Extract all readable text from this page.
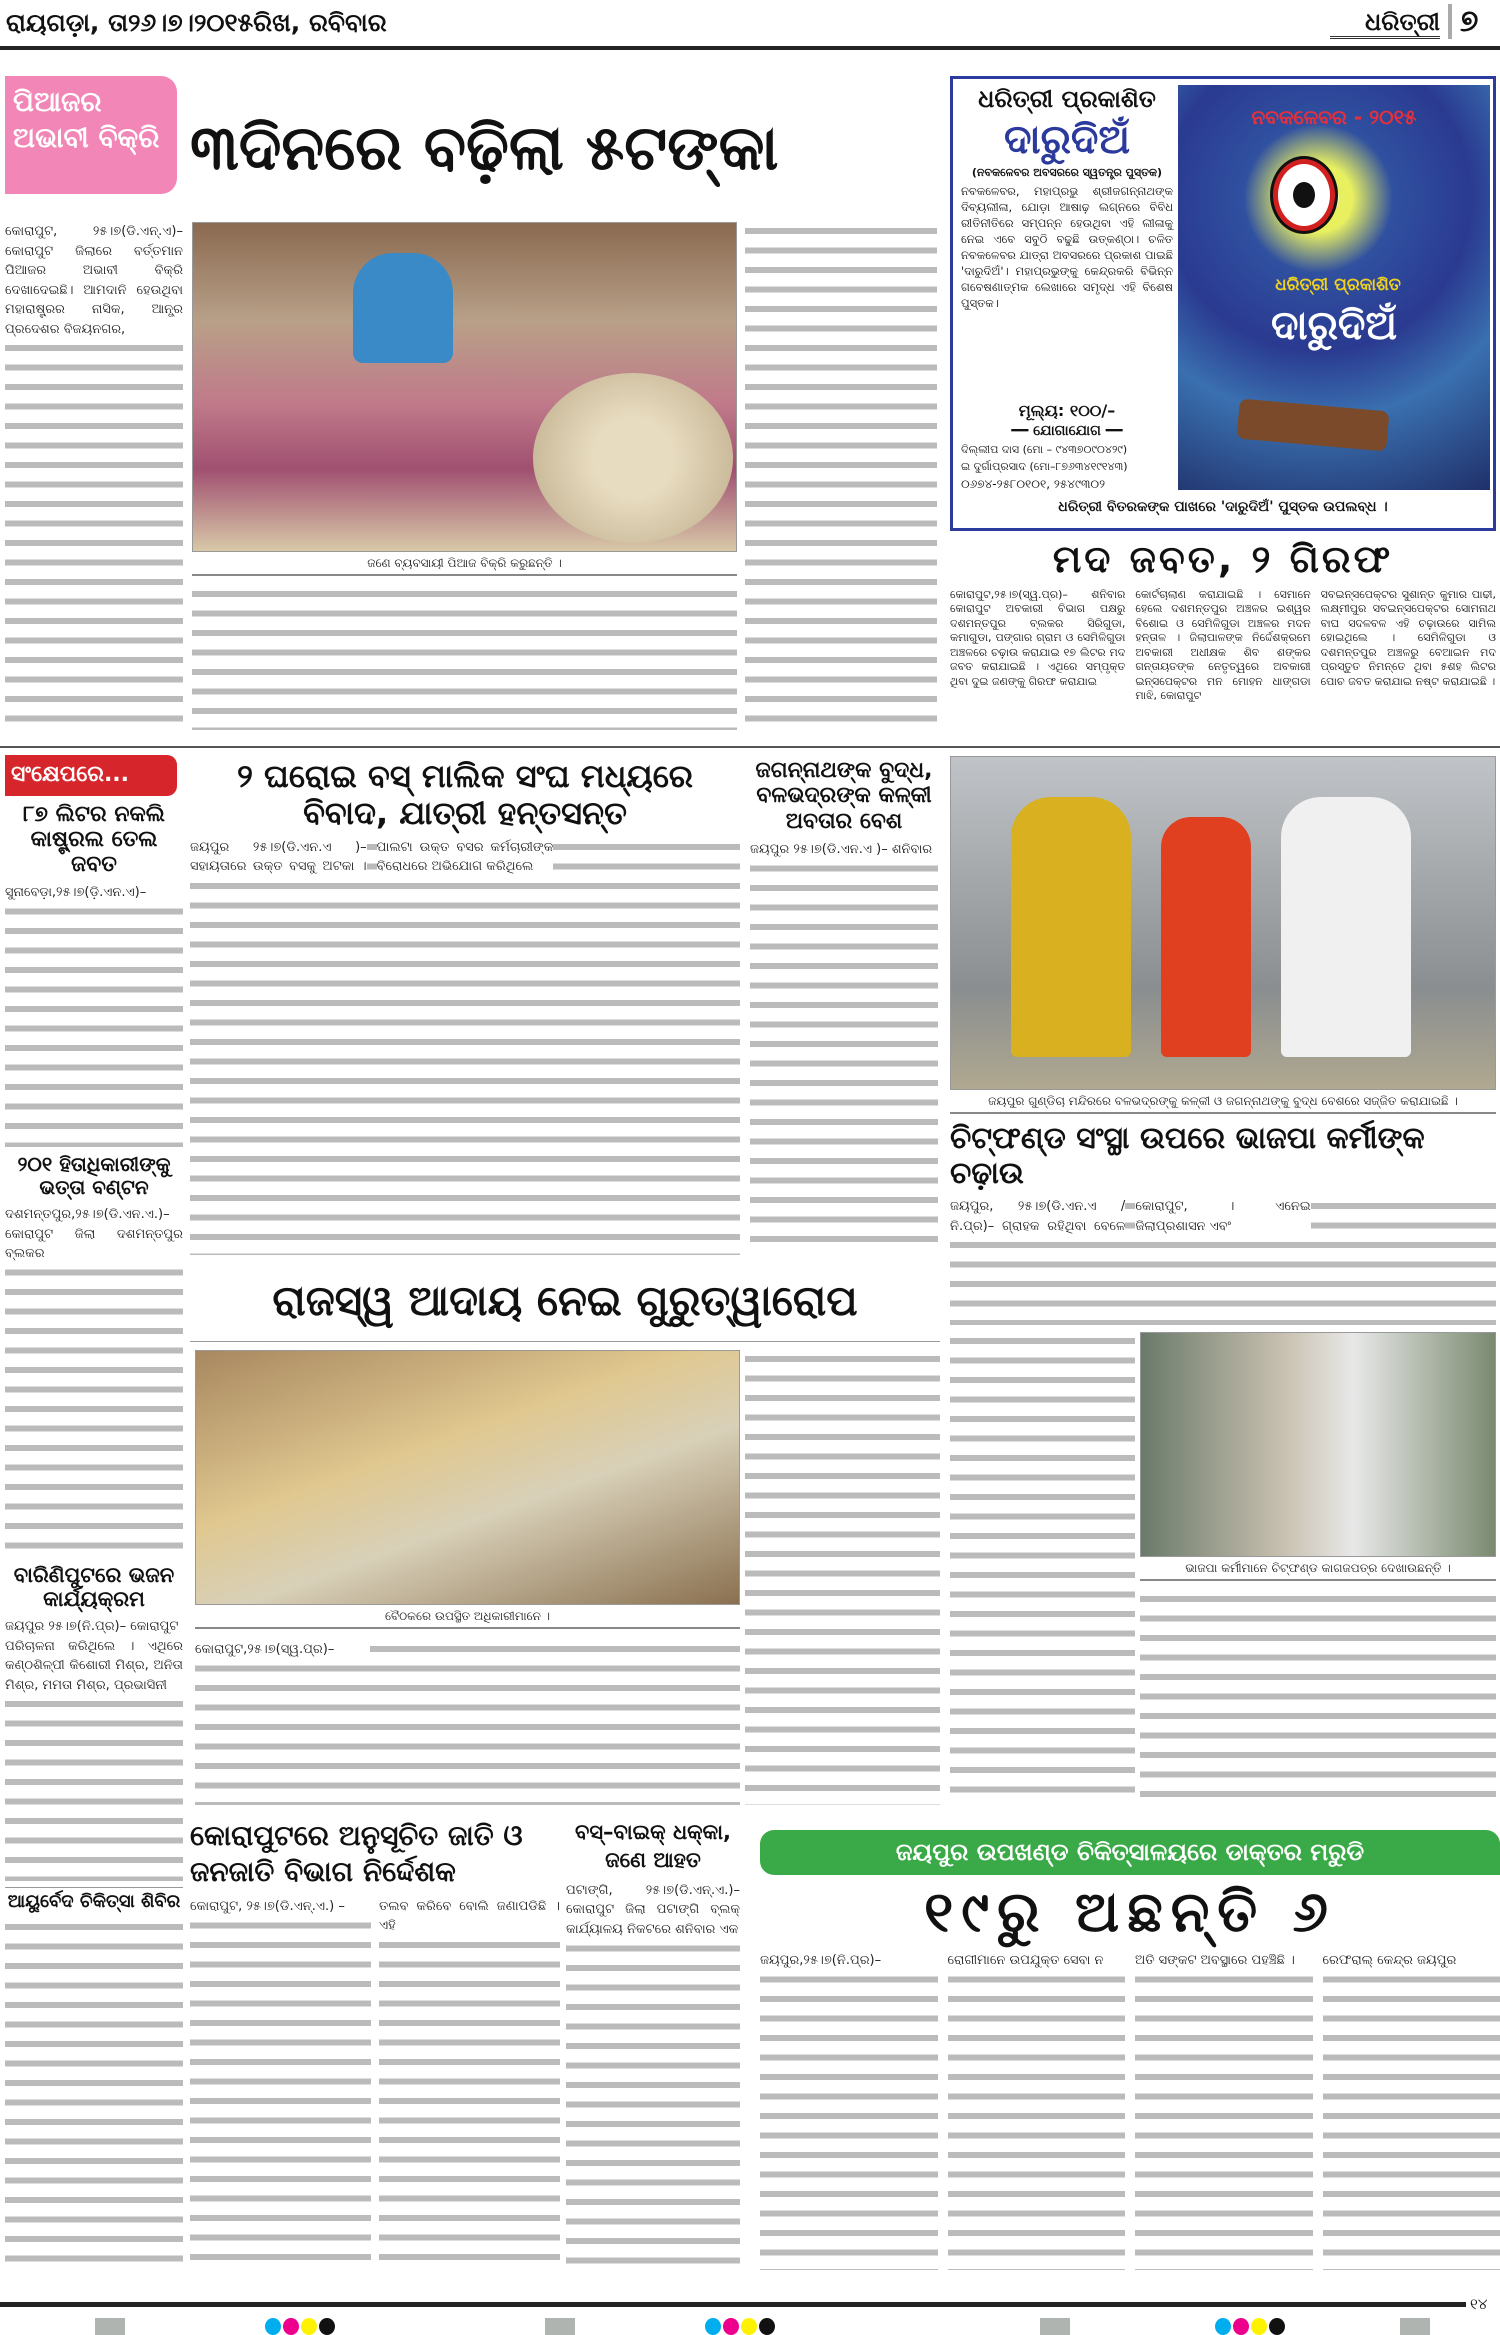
ରାୟଗଡ଼ା, ତା୨୬।୭।୨୦୧୫ରିଖ, ରବିବାର	ଧରିତ୍ରୀ ୭
ପିଆଜର ଅଭାବୀ ବିକ୍ରି ୩ଦିନରେ ବଢ଼ିଲା ୫ଟଙ୍କା
କୋରାପୁଟ, ୨୫।୭(ଡି.ଏନ୍.ଏ)–କୋରାପୁଟ ଜିଲାରେ ବର୍ତ୍ତମାନ ପିଆଜର ଅଭାବୀ ବିକ୍ରି ଦେଖାଦେଇଛି। ଆମଦାନି ହେଉଥିବା ମହାରାଷ୍ଟ୍ରର ନାସିକ, ଆନ୍ଧ୍ର ପ୍ରଦେଶର ବିଜୟନଗର,
ଜଣେ ବ୍ୟବସାୟୀ ପିଆଜ ବିକ୍ରି କରୁଛନ୍ତି ।
ଧରିତ୍ରୀ ପ୍ରକାଶିତ
ଦାରୁଦିଅଁ
(ନବକଳେବର ଅବସରରେ ସ୍ୱତନ୍ତ୍ର ପୁସ୍ତକ)
ନବକଳେବର, ମହାପ୍ରଭୁ ଶ୍ରୀଜଗନ୍ନାଥଙ୍କ ଦିବ୍ୟଲୀଳା, ଯୋଡ଼ା ଆଷାଢ଼ ଲଗ୍ନରେ ବିବିଧ ରୀତିନୀତିରେ ସମ୍ପନ୍ନ ହେଉଥିବା ଏହି ଲୀଳାକୁ ନେଇ ଏବେ ସବୁଠି ବଢୁଛି ଉତ୍କଣ୍ଠା। ଚଳିତ ନବକଳେବର ଯାତ୍ରା ଅବସରରେ ପ୍ରକାଶ ପାଇଛି 'ଦାରୁଦିଅଁ'। ମହାପ୍ରଭୁଙ୍କୁ କେନ୍ଦ୍ରକରି ବିଭିନ୍ନ ଗବେଷଣାତ୍ମକ ଲେଖାରେ ସମୃଦ୍ଧ ଏହି ବିଶେଷ ପୁସ୍ତକ।
ମୂଲ୍ୟ: ୧୦୦/–
━━ ଯୋଗାଯୋଗ ━━
ଦିଲ୍ଲୀପ ଦାସ (ମୋ – ୯୪୩୭୦୯୦୪୨୯)
ଇ ଦୁର୍ଗାପ୍ରସାଦ (ମୋ–୮୭୬୩୪୧୯୧୪୩)
୦୬୭୪-୨୫୮୦୧୦୧, ୨୫୪୯୩୦୨
ନବକଳେବର - ୨୦୧୫
ଧରିତ୍ରୀ ପ୍ରକାଶିତ
ଦାରୁଦିଅଁ
ଧରିତ୍ରୀ ବିତରକଙ୍କ ପାଖରେ 'ଦାରୁଦିଅଁ' ପୁସ୍ତକ ଉପଲବ୍ଧ ।
ମଦ ଜବତ, ୨ ଗିରଫ
କୋରାପୁଟ,୨୫।୭(ସ୍ୱ.ପ୍ର)– ଶନିବାର କୋରାପୁଟ ଅବକାରୀ ବିଭାଗ ପକ୍ଷରୁ ଦଶମନ୍ତପୁର ବ୍ଲକର ସିରିଗୁଡା, କମାଗୁଡା, ପଙ୍ଗାର ଗ୍ରାମ ଓ ସେମିଳିଗୁଡା ଅଞ୍ଚଳରେ ଚଢ଼ାଉ କରାଯାଇ ୧୭ ଲିଟର ମଦ ଜବତ କରାଯାଇଛି । ଏଥିରେ ସମ୍ପୃକ୍ତ ଥିବା ଦୁଇ ଜଣଙ୍କୁ ଗିରଫ କରାଯାଇ
କୋର୍ଟଚାଲାଣ କରାଯାଇଛି । ସେମାନେ ହେଲେ ଦଶମନ୍ତପୁର ଅଞ୍ଚଳର ଇଶ୍ୱର ବିଶୋଇ ଓ ସେମିଳିଗୁଡା ଅଞ୍ଚଳର ମଦନ ହନ୍ତାଳ । ଜିଲାପାଳଙ୍କ ନିର୍ଦ୍ଦେଶକ୍ରମେ ଅବକାରୀ ଅଧୀକ୍ଷକ ଶିବ ଶଙ୍କର ଗନ୍ତାୟତଙ୍କ ନେତୃତ୍ୱରେ ଅବକାରୀ ଇନ୍ସପେକ୍ଟର ମନ ମୋହନ ଧାଙ୍ଗଡା ମାଝି, କୋରାପୁଟ
ସବଇନ୍ସପେକ୍ଟର ସୁଶାନ୍ତ କୁମାର ପାଢୀ, ଲକ୍ଷ୍ମୀପୁର ସବଇନ୍ସପେକ୍ଟର ସୋମନାଥ ବାଘ ସଦଳବଳ ଏହି ଚଢ଼ାଉରେ ସାମିଲ ହୋଇଥିଲେ । ସେମିଳିଗୁଡା ଓ ଦଶମନ୍ତପୁର ଅଞ୍ଚଳରୁ ବେଆଇନ ମଦ ପ୍ରସ୍ତୁତ ନିମନ୍ତେ ଥିବା ୫ଶହ ଲିଟର ପୋଚ ଜବତ କରାଯାଇ ନଷ୍ଟ କରାଯାଇଛି ।
ସଂକ୍ଷେପରେ...
୮୭ ଲିଟର ନକଲି କାଷ୍ଟ୍ରଲ ତେଲ ଜବତ
ସୁନାବେଡ଼ା,୨୫।୭(ଡ଼ି.ଏନ.ଏ)–
୨୦୧ ହିତାଧିକାରୀଙ୍କୁ ଭତ୍ତା ବଣ୍ଟନ
ଦଶମନ୍ତପୁର,୨୫।୭(ଡି.ଏନ.ଏ.)– କୋରାପୁଟ ଜିଲା ଦଶମନ୍ତପୁର ବ୍ଲକର
ବାରିଣିପୁଟରେ ଭଜନ କାର୍ଯ୍ୟକ୍ରମ
ଜୟପୁର ୨୫।୭(ନି.ପ୍ର)– କୋରାପୁଟ
ପରିଚାଳନା କରିଥିଲେ । ଏଥିରେ କଣ୍ଠଶିଳ୍ପୀ କିଶୋରୀ ମିଶ୍ର, ଅନିତା ମିଶ୍ର, ମମତା ମିଶ୍ର, ପ୍ରଭାସିନୀ
ଆୟୁର୍ବେଦ ଚିକିତ୍ସା ଶିବିର
୨ ଘରୋଇ ବସ୍ ମାଲିକ ସଂଘ ମଧ୍ୟରେ ବିବାଦ, ଯାତ୍ରୀ ହନ୍ତସନ୍ତ
ଜୟପୁର ୨୫।୭(ଡି.ଏନ.ଏ )– ସହାୟତାରେ ଉକ୍ତ ବସକୁ ଅଟକା । ପାଲଟା ଉକ୍ତ ବସର କର୍ମଚାରୀଙ୍କ ବିରୋଧରେ ଅଭିଯୋଗ କରିଥିଲେ
ଜଗନ୍ନାଥଙ୍କ ବୁଦ୍ଧ, ବଳଭଦ୍ରଙ୍କ କଳ୍କୀ ଅବତାର ବେଶ
ଜୟପୁର ୨୫।୭(ଡି.ଏନ.ଏ )– ଶନିବାର
ଜୟପୁର ଗୁଣ୍ଡିଚା ମନ୍ଦିରରେ ବଳଭଦ୍ରଙ୍କୁ କଳ୍କୀ ଓ ଜଗନ୍ନାଥଙ୍କୁ ବୁଦ୍ଧ ବେଶରେ ସଜ୍ଜିତ କରାଯାଇଛି ।
ଚିଟ୍‌ଫଣ୍ଡ ସଂସ୍ଥା ଉପରେ ଭାଜପା କର୍ମୀଙ୍କ ଚଢ଼ାଉ
ଜୟପୁର, ୨୫।୭(ଡି.ଏନ.ଏ /ନି.ପ୍ର)– ଗ୍ରାହକ ରହିଥିବା ବେଳେ କୋରାପୁଟ, । ଏନେଇ ଜିଲାପ୍ରଶାସନ ଏବଂ
ଭାଜପା କର୍ମୀମାନେ ଚିଟ୍‌ଫଣ୍ଡ କାଗଜପତ୍ର ଦେଖାଉଛନ୍ତି ।
ରାଜସ୍ୱ ଆଦାୟ ନେଇ ଗୁରୁତ୍ୱାରୋପ
ବୈଠକରେ ଉପସ୍ଥିତ ଅଧିକାରୀମାନେ ।
କୋରାପୁଟ,୨୫।୭(ସ୍ୱ.ପ୍ର)–
କୋରାପୁଟରେ ଅନୁସୂଚିତ ଜାତି ଓ ଜନଜାତି ବିଭାଗ ନିର୍ଦ୍ଦେଶକ
କୋରାପୁଟ, ୨୫।୭(ଡି.ଏନ୍.ଏ.) –	ତଲବ କରିବେ ବୋଲି ଜଣାପଡିଛି । ଏହି
ବସ୍–ବାଇକ୍ ଧକ୍କା, ଜଣେ ଆହତ
ପଟାଙ୍ଗି, ୨୫।୭(ଡି.ଏନ୍.ଏ.)– କୋରାପୁଟ ଜିଲା ପଟାଙ୍ଗି ବ୍ଲକ୍ କାର୍ଯ୍ୟାଳୟ ନିକଟରେ ଶନିବାର ଏକ
ଜୟପୁର ଉପଖଣ୍ଡ ଚିକିତ୍ସାଳୟରେ ଡାକ୍ତର ମରୁଡି
୧୯ରୁ ଅଛନ୍ତି ୬
ଜୟପୁର,୨୫।୭(ନି.ପ୍ର)–	ରୋଗୀମାନେ ଉପଯୁକ୍ତ ସେବା ନ	ଅତି ସଙ୍କଟ ଅବସ୍ଥାରେ ପହଞ୍ଚିଛି ।	ରେଫରାଲ୍ କେନ୍ଦ୍ର ଜୟପୁର
୧୪
